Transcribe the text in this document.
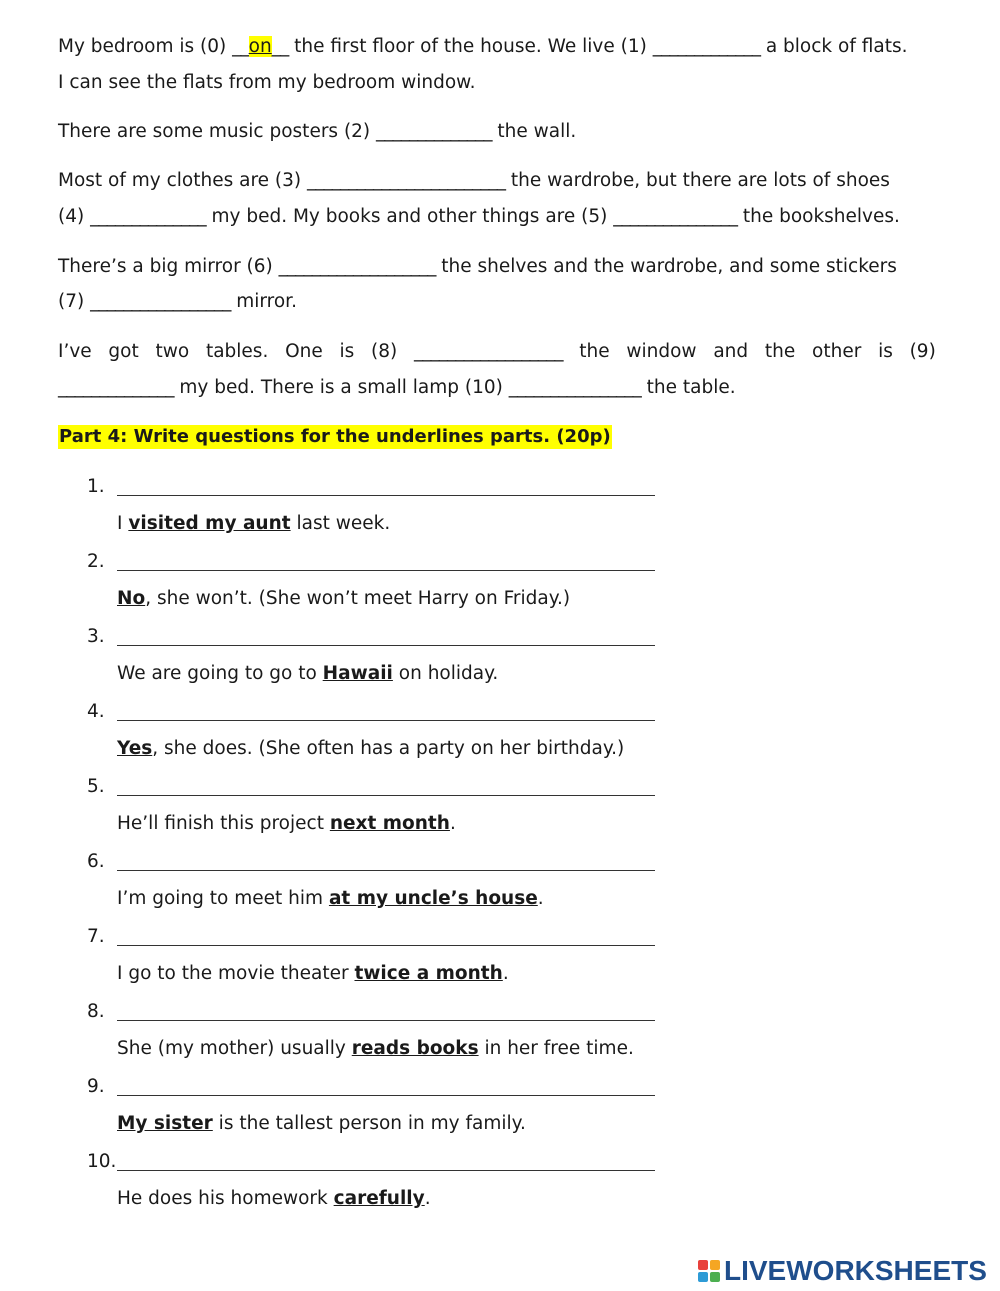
My bedroom is (0) __on__ the first floor of the house. We live (1) _____________ a block of flats.

I can see the flats from my bedroom window.

There are some music posters (2) ______________ the wall.

Most of my clothes are (3) ________________________ the wardrobe, but there are lots of shoes

(4) ______________ my bed. My books and other things are (5) _______________ the bookshelves.

There’s a big mirror (6) ___________________ the shelves and the wardrobe, and some stickers

(7) _________________ mirror.

I’ve got two tables. One is (8) __________________ the window and the other is (9)

______________ my bed. There is a small lamp (10) ________________ the table.

Part 4: Write questions for the underlines parts. (20p)
1.
I visited my aunt last week.
2.
No, she won’t. (She won’t meet Harry on Friday.)
3.
We are going to go to Hawaii on holiday.
4.
Yes, she does. (She often has a party on her birthday.)
5.
He’ll finish this project next month.
6.
I’m going to meet him at my uncle’s house.
7.
I go to the movie theater twice a month.
8.
She (my mother) usually reads books in her free time.
9.
My sister is the tallest person in my family.
10.
He does his homework carefully.
LIVEWORKSHEETS
